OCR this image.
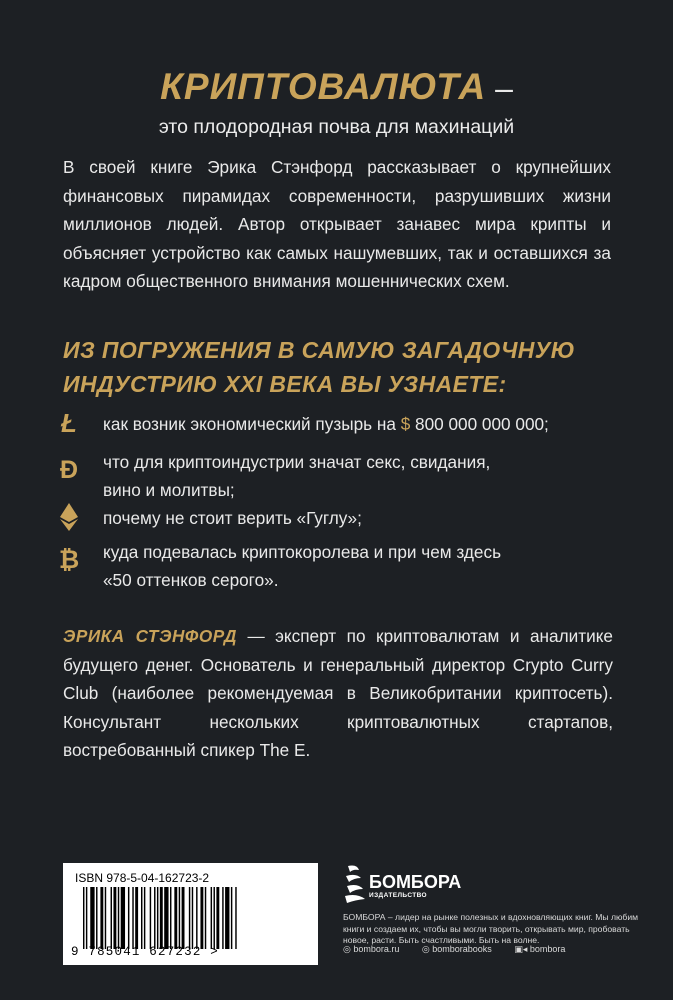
КРИПТОВАЛЮТА –
это плодородная почва для махинаций
В своей книге Эрика Стэнфорд рассказывает о крупнейших финансовых пирамидах современности, разрушивших жизни миллионов людей. Автор открывает занавес мира крипты и объясняет устройство как самых нашумевших, так и оставшихся за кадром общественного внимания мошеннических схем.
ИЗ ПОГРУЖЕНИЯ В САМУЮ ЗАГАДОЧНУЮ
ИНДУСТРИЮ XXI ВЕКА ВЫ УЗНАЕТЕ:
Ł как возник экономический пузырь на $ 800 000 000 000;
Đ что для криптоиндустрии значат секс, свидания,
вино и молитвы;
почему не стоит верить «Гуглу»;
₿ куда подевалась криптокоролева и при чем здесь
«50 оттенков серого».
ЭРИКА СТЭНФОРД — эксперт по криптовалютам и аналитике будущего денег. Основатель и генеральный директор Crypto Curry Club (наиболее рекомендуемая в Великобритании криптосеть). Консультант нескольких криптовалютных стартапов, востребованный спикер The E.
ISBN 978-5-04-162723-2
9 785041 627232 >
БОМБОРА
ИЗДАТЕЛЬСТВО
БОМБОРА – лидер на рынке полезных и вдохновляющих книг. Мы любим книги и создаем их, чтобы вы могли творить, открывать мир, пробовать новое, расти. Быть счастливыми. Быть на волне.
◎ bombora.ru	◎ bomborabooks	▣◂ bombora
